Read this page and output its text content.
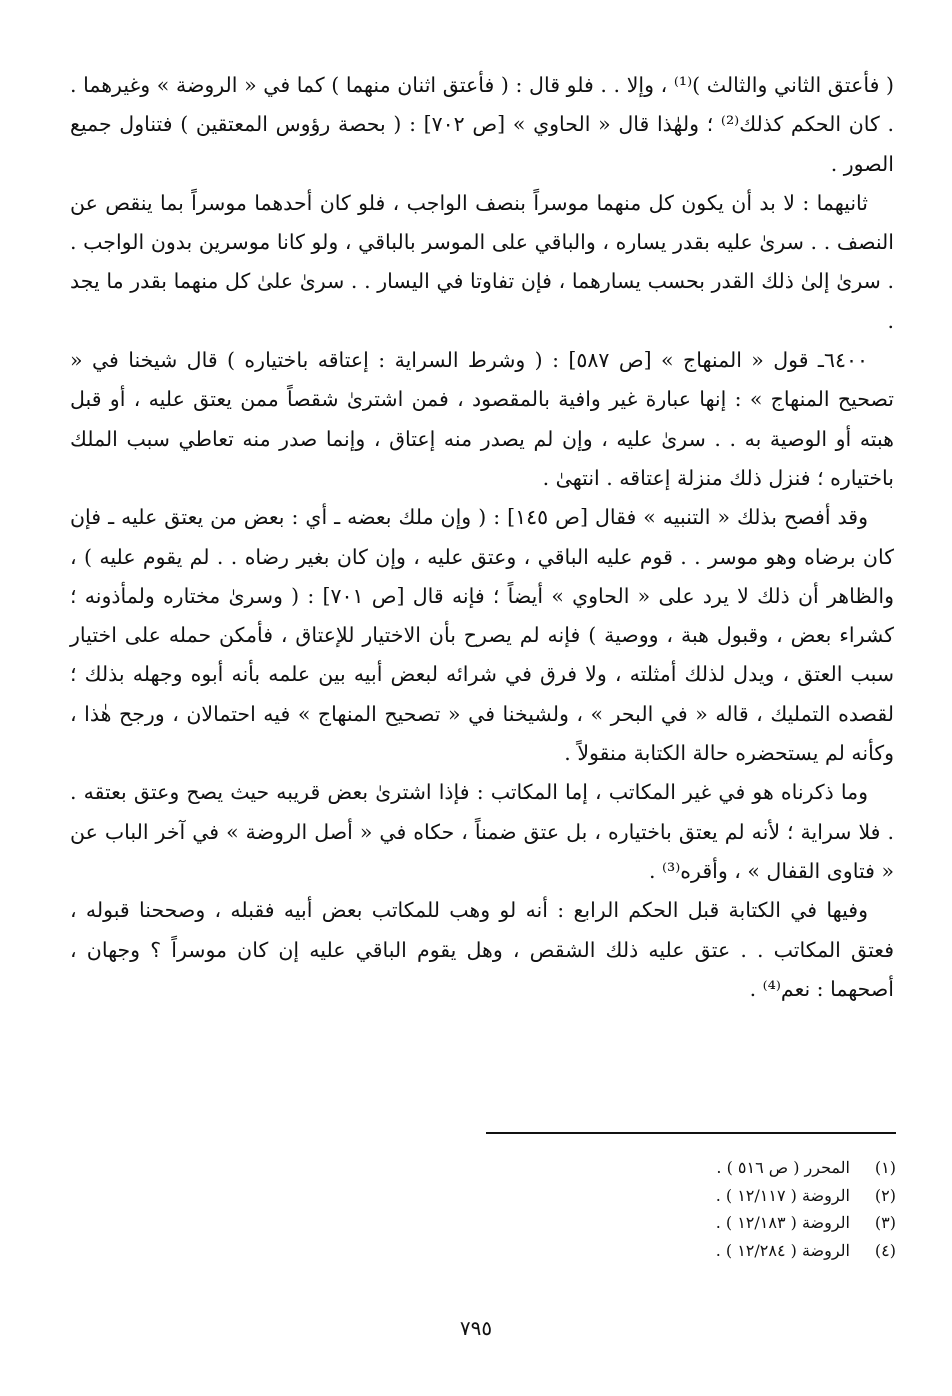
( فأعتق الثاني والثالث )⁽¹⁾ ، وإلا . . فلو قال : ( فأعتق اثنان منهما ) كما في « الروضة » وغيرهما . . كان الحكم كذلك⁽²⁾ ؛ ولهٰذا قال « الحاوي » [ص ٧٠٢] : ( بحصة رؤوس المعتقين ) فتناول جميع الصور .

ثانيهما : لا بد أن يكون كل منهما موسراً بنصف الواجب ، فلو كان أحدهما موسراً بما ينقص عن النصف . . سرىٰ عليه بقدر يساره ، والباقي على الموسر بالباقي ، ولو كانا موسرين بدون الواجب . . سرىٰ إلىٰ ذلك القدر بحسب يسارهما ، فإن تفاوتا في اليسار . . سرىٰ علىٰ كل منهما بقدر ما يجد .

٦٤٠٠ـ قول « المنهاج » [ص ٥٨٧] : ( وشرط السراية : إعتاقه باختياره ) قال شيخنا في « تصحيح المنهاج » : إنها عبارة غير وافية بالمقصود ، فمن اشترىٰ شقصاً ممن يعتق عليه ، أو قبل هبته أو الوصية به . . سرىٰ عليه ، وإن لم يصدر منه إعتاق ، وإنما صدر منه تعاطي سبب الملك باختياره ؛ فنزل ذلك منزلة إعتاقه . انتهىٰ .

وقد أفصح بذلك « التنبيه » فقال [ص ١٤٥] : ( وإن ملك بعضه ـ أي : بعض من يعتق عليه ـ فإن كان برضاه وهو موسر . . قوم عليه الباقي ، وعتق عليه ، وإن كان بغير رضاه . . لم يقوم عليه ) ، والظاهر أن ذلك لا يرد على « الحاوي » أيضاً ؛ فإنه قال [ص ٧٠١] : ( وسرىٰ مختاره ولمأذونه ؛ كشراء بعض ، وقبول هبة ، ووصية ) فإنه لم يصرح بأن الاختيار للإعتاق ، فأمكن حمله على اختيار سبب العتق ، ويدل لذلك أمثلته ، ولا فرق في شرائه لبعض أبيه بين علمه بأنه أبوه وجهله بذلك ؛ لقصده التمليك ، قاله « في البحر » ، ولشيخنا في « تصحيح المنهاج » فيه احتمالان ، ورجح هٰذا ، وكأنه لم يستحضره حالة الكتابة منقولاً .

وما ذكرناه هو في غير المكاتب ، إما المكاتب : فإذا اشترىٰ بعض قريبه حيث يصح وعتق بعتقه . . فلا سراية ؛ لأنه لم يعتق باختياره ، بل عتق ضمناً ، حكاه في « أصل الروضة » في آخر الباب عن « فتاوى القفال » ، وأقره⁽³⁾ .

وفيها في الكتابة قبل الحكم الرابع : أنه لو وهب للمكاتب بعض أبيه فقبله ، وصححنا قبوله ، فعتق المكاتب . . عتق عليه ذلك الشقص ، وهل يقوم الباقي عليه إن كان موسراً ؟ وجهان ، أصحهما : نعم⁽⁴⁾ .

(١)
المحرر ( ص ٥١٦ ) .
(٢)
الروضة ( ١٢/١١٧ ) .
(٣)
الروضة ( ١٢/١٨٣ ) .
(٤)
الروضة ( ١٢/٢٨٤ ) .
٧٩٥
